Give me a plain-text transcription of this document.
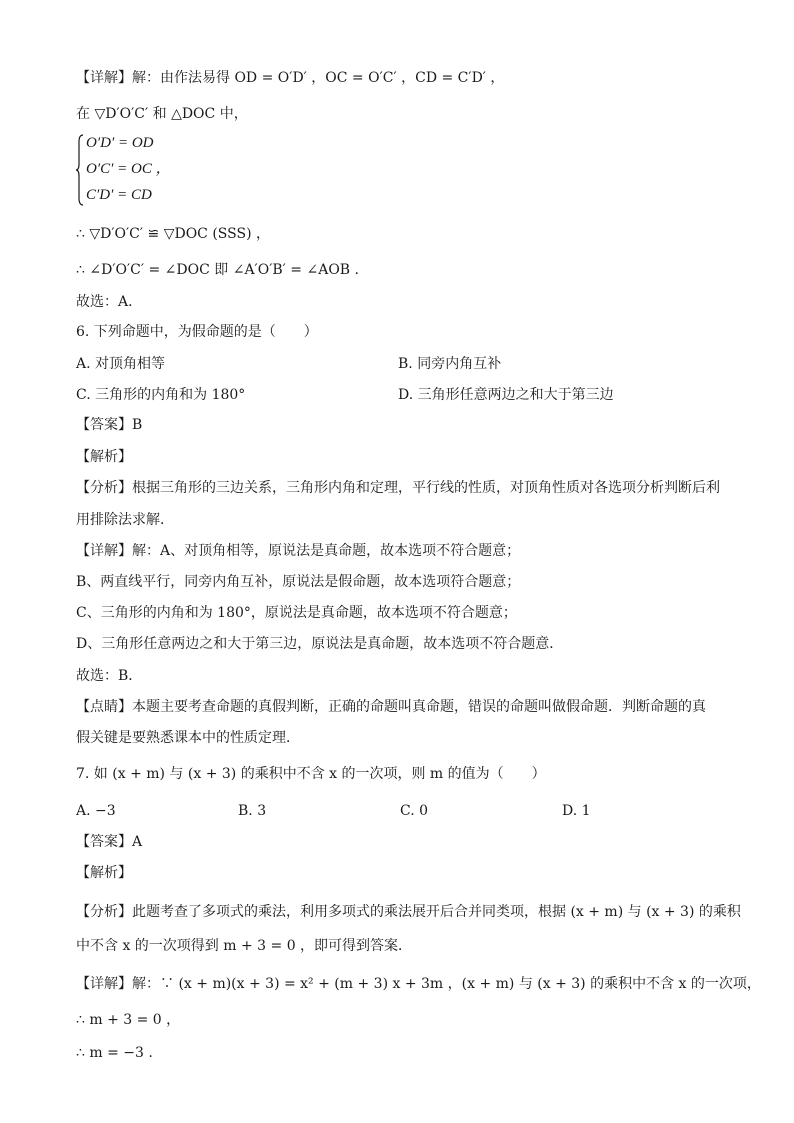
【详解】解：由作法易得 OD = O′D′ ，OC = O′C′ ，CD = C′D′ ，
在 ▽D′O′C′ 和 △DOC 中，
O′D′ = OD
O′C′ = OC ，
C′D′ = CD
∴ ▽D′O′C′ ≌ ▽DOC (SSS) ，
∴ ∠D′O′C′ = ∠DOC 即 ∠A′O′B′ = ∠AOB .
故选：A．
6. 下列命题中，为假命题的是（　　）
A. 对顶角相等	B. 同旁内角互补
C. 三角形的内角和为 180°	D. 三角形任意两边之和大于第三边
【答案】B
【解析】
【分析】根据三角形的三边关系，三角形内角和定理，平行线的性质，对顶角性质对各选项分析判断后利
用排除法求解．
【详解】解：A、对顶角相等，原说法是真命题，故本选项不符合题意；
B、两直线平行，同旁内角互补，原说法是假命题，故本选项符合题意；
C、三角形的内角和为 180°，原说法是真命题，故本选项不符合题意；
D、三角形任意两边之和大于第三边，原说法是真命题，故本选项不符合题意．
故选：B．
【点睛】本题主要考查命题的真假判断，正确的命题叫真命题，错误的命题叫做假命题．判断命题的真
假关键是要熟悉课本中的性质定理．
7. 如 (x + m) 与 (x + 3) 的乘积中不含 x 的一次项，则 m 的值为（　　）
A. −3	B. 3	C. 0	D. 1
【答案】A
【解析】
【分析】此题考查了多项式的乘法，利用多项式的乘法展开后合并同类项，根据 (x + m) 与 (x + 3) 的乘积
中不含 x 的一次项得到 m + 3 = 0 ，即可得到答案．
【详解】解：∵ (x + m)(x + 3) = x² + (m + 3) x + 3m ，(x + m) 与 (x + 3) 的乘积中不含 x 的一次项，
∴ m + 3 = 0 ，
∴ m = −3 .
